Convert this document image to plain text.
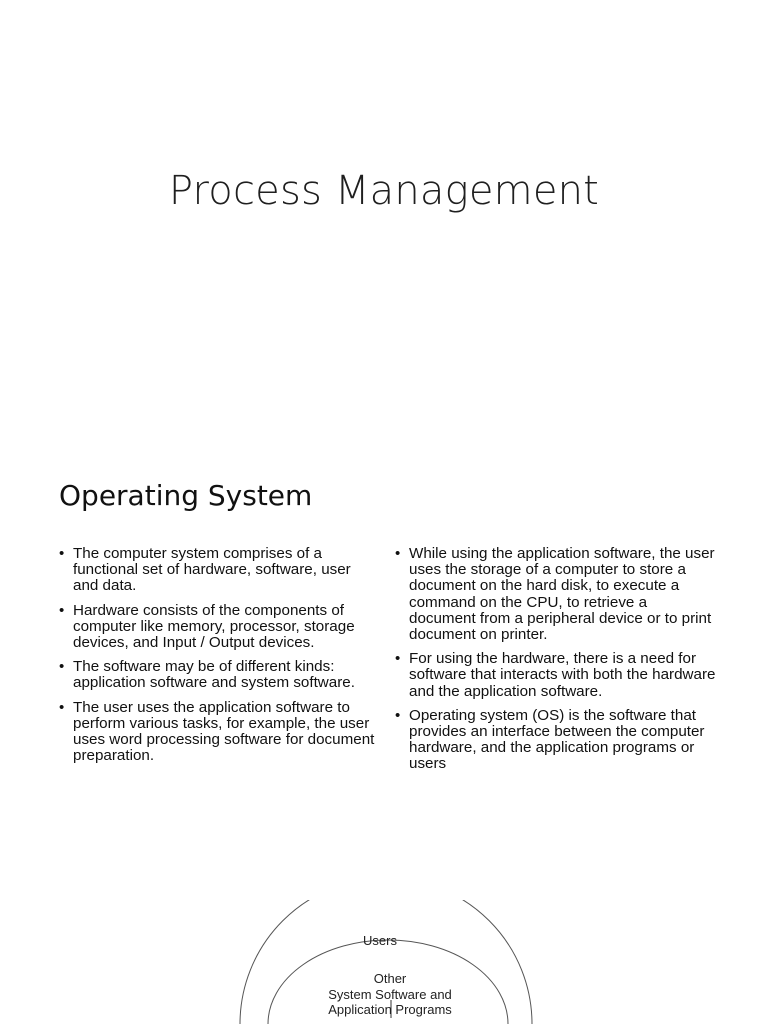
Process Management
Operating System
• The computer system comprises of a functional set of hardware, software, user and data.
• Hardware consists of the components of computer like memory, processor, storage devices, and Input / Output devices.
• The software may be of different kinds: application software and system software.
• The user uses the application software to perform various tasks, for example, the user uses word processing software for document preparation.
• While using the application software, the user uses the storage of a computer to store a document on the hard disk, to execute a command on the CPU, to retrieve a document from a peripheral device or to print document on printer.
• For using the hardware, there is a need for software that interacts with both the hardware and the application software.
• Operating system (OS) is the software that provides an interface between the computer hardware, and the application programs or users
Users
Other
System Software and
Application Programs
